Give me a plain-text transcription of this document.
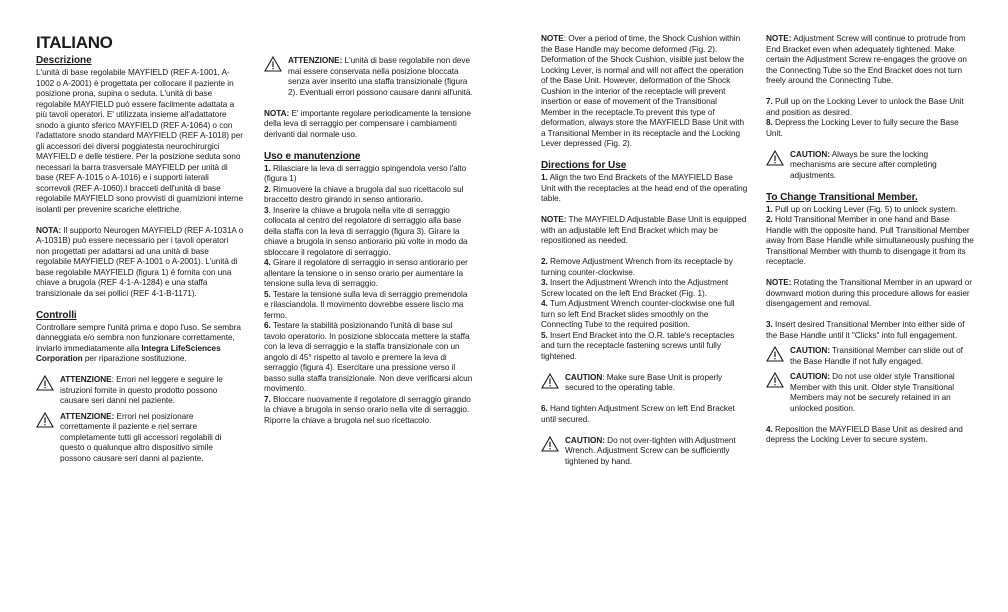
ITALIANO
Descrizione

L'unità di base regolabile MAYFIELD (REF A-1001, A-1002 o A-2001) è progettata per collocare il paziente in posizione prona, supina o seduta. L'unità di base regolabile MAYFIELD può essere facilmente adattata a più tavoli operatori. E' utilizzata insieme all'adattatore snodo a giunto sferico MAYFIELD (REF A-1064) o con l'adattatore snodo standard MAYFIELD (REF A-1018) per gli accessori dei diversi poggiatesta neurochirurgici MAYFIELD e delle testiere. Per la posizione seduta sono necessari la barra trasversale MAYFIELD per unità di base (REF A-1015 o A-1016) e i supporti laterali scorrevoli (REF A-1060).I bracceti dell'unità di base regolabile MAYFIELD sono provvisti di guarnizioni interne isolanti per prevenire scariche elettriche.

NOTA: Il supporto Neurogen MAYFIELD (REF A-1031A o A-1031B) può essere necessario per i tavoli operatori non progettati per adattarsi ad una unità di base regolabile MAYFIELD (REF A-1001 o A-2001). L'unità di base regolabile MAYFIELD (figura 1) è fornita con una chiave a brugola (REF 4-1-A-1284) e una staffa transizionale da sei pollici (REF 4-1-B-1171).

Controlli

Controllare sempre l'unità prima e dopo l'uso. Se sembra danneggiata e/o sembra non funzionare correttamente, inviarlo immediatamente alla Integra LifeSciences Corporation per riparazione sostituzione.

ATTENZIONE: Errori nel leggere e seguire le istruzioni fornite in questo prodotto possono causare seri danni nel paziente.

ATTENZIONE: Errori nel posizionare correttamente il paziente e nel serrare completamente tutti gli accessori regolabili di questo o qualunque altro dispositivo simile possono causare seri danni al paziente.

ATTENZIONE: L'unità di base regolabile non deve mai essere conservata nella posizione bloccata senza aver inserito una staffa transizionale (figura 2). Eventuali errori possono causare danni all'unità.

NOTA: E' importante regolare periodicamente la tensione della leva di serraggio per compensare i cambiamenti derivanti dal normale uso.

Uso e manutenzione

1. Rilasciare la leva di serraggio spingendola verso l'alto (figura 1)

2. Rimuovere la chiave a brugola dal suo ricettacolo sul braccetto destro girando in senso antiorario.

3. Inserire la chiave a brugola nella vite di serraggio collocata al centro del regolatore di serraggio alla base della staffa con la leva di serraggio (figura 3). Girare la chiave a brugola in senso antiorario più volte in modo da sbloccare il regolatore di serraggio.

4. Girare il regolatore di serraggio in senso antiorario per allentare la tensione o in senso orario per aumentare la tensione sulla leva di serraggio.

5. Testare la tensione sulla leva di serraggio premendola e rilasciandola. Il movimento dovrebbe essere liscio ma fermo.

6. Testare la stabilità posizionando l'unità di base sul tavolo operatorio. In posizione sbloccata mettere la staffa con la leva di serraggio e la staffa transizionale con un angolo di 45° rispetto al tavolo e premere la leva di serraggio (figura 4). Esercitare una pressione verso il basso sulla staffa transizionale. Non deve verificarsi alcun movimento.

7. Bloccare nuovamente il regolatore di serraggio girando la chiave a brugola in senso orario nella vite di serraggio. Riporre la chiave a brugola nel suo ricettacolo.

NOTE: Over a period of time, the Shock Cushion within the Base Handle may become deformed (Fig. 2). Deformation of the Shock Cushion, visible just below the Locking Lever, is normal and will not affect the operation of the Base Unit. However, deformation of the Shock Cushion in the interior of the receptacle will prevent insertion or ease of movement of the Transitional Member in the receptacle.To prevent this type of deformation, always store the MAYFIELD Base Unit with a Transitional Member in its receptacle and the Locking Lever depressed (Fig. 2).

Directions for Use

1. Align the two End Brackets of the MAYFIELD Base Unit with the receptacles at the head end of the operating table.

NOTE: The MAYFIELD Adjustable Base Unit is equipped with an adjustable left End Bracket which may be repositioned as needed.

2. Remove Adjustment Wrench from its receptacle by turning counter-clockwise.

3. Insert the Adjustment Wrench into the Adjustment Screw located on the left End Bracket (Fig. 1).

4. Turn Adjustment Wrench counter-clockwise one full turn so left End Bracket slides smoothly on the Connecting Tube to the required position.

5. Insert End Bracket into the O.R. table's receptacles and turn the receptacle fastening screws until fully tightened.

CAUTION: Make sure Base Unit is properly secured to the operating table.

6. Hand tighten Adjustment Screw on left End Bracket until secured.

CAUTION: Do not over-tighten with Adjustment Wrench. Adjustment Screw can be sufficiently tightened by hand.

NOTE: Adjustment Screw will continue to protrude from End Bracket even when adequately tightened. Make certain the Adjustment Screw re-engages the groove on the Connecting Tube so the End Bracket does not turn freely around the Connecting Tube.

7. Pull up on the Locking Lever to unlock the Base Unit and position as desired.

8. Depress the Locking Lever to fully secure the Base Unit.

CAUTION: Always be sure the locking mechanisms are secure after completing adjustments.

To Change Transitional Member.

1. Pull up on Locking Lever (Fig. 5) to unlock system.

2. Hold Transitional Member in one hand and Base Handle with the opposite hand. Pull Transitional Member away from Base Handle while simultaneously pushing the Transitional Member with thumb to disengage it from its receptacle.

NOTE: Rotating the Transitional Member in an upward or downward motion during this procedure allows for easier disengagement and removal.

3. Insert desired Transitional Member into either side of the Base Handle until it "Clicks" into full engagement.

CAUTION: Transitional Member can slide out of the Base Handle if not fully engaged.

CAUTION: Do not use older style Transitional Member with this unit. Older style Transitional Members may not be securely retained in an unlocked position.

4. Reposition the MAYFIELD Base Unit as desired and depress the Locking Lever to secure system.
